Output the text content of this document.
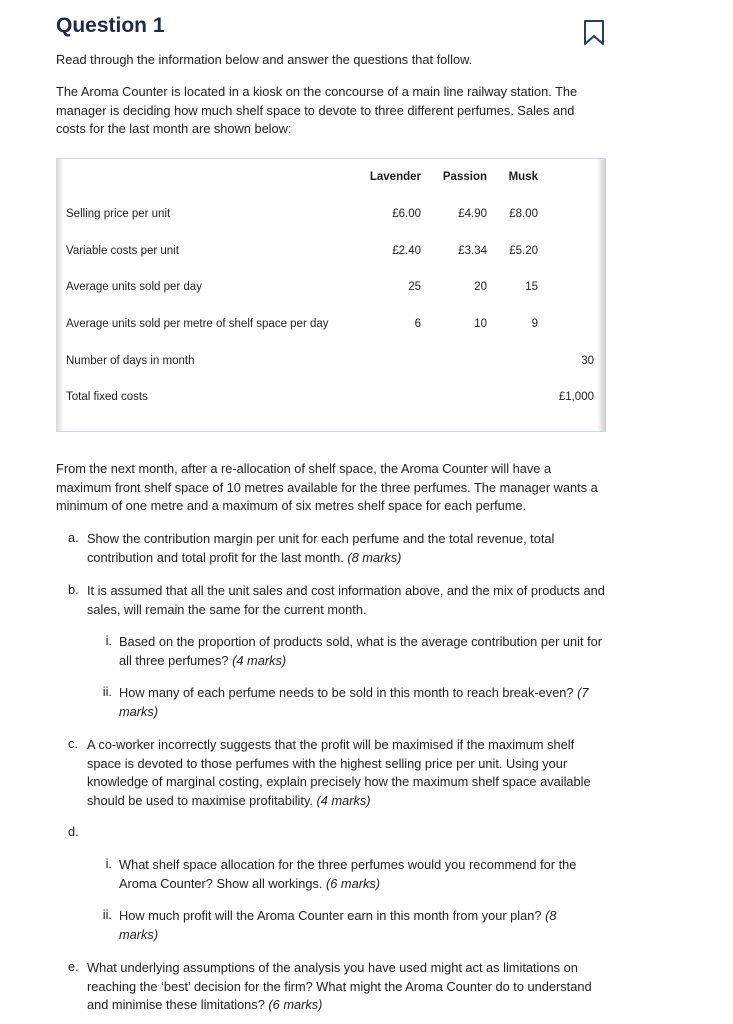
Question 1

Read through the information below and answer the questions that follow.

The Aroma Counter is located in a kiosk on the concourse of a main line railway station. The manager is deciding how much shelf space to devote to three different perfumes. Sales and costs for the last month are shown below:

Lavender	Passion	Musk
Selling price per unit	£6.00	£4.90	£8.00
Variable costs per unit	£2.40	£3.34	£5.20
Average units sold per day	25	20	15
Average units sold per metre of shelf space per day	6	10	9
Number of days in month	30
Total fixed costs	£1,000

From the next month, after a re-allocation of shelf space, the Aroma Counter will have a maximum front shelf space of 10 metres available for the three perfumes. The manager wants a minimum of one metre and a maximum of six metres shelf space for each perfume.

a. Show the contribution margin per unit for each perfume and the total revenue, total contribution and total profit for the last month. (8 marks)
b. It is assumed that all the unit sales and cost information above, and the mix of products and sales, will remain the same for the current month.
i. Based on the proportion of products sold, what is the average contribution per unit for all three perfumes? (4 marks)
ii. How many of each perfume needs to be sold in this month to reach break-even? (7 marks)
c. A co-worker incorrectly suggests that the profit will be maximised if the maximum shelf space is devoted to those perfumes with the highest selling price per unit. Using your knowledge of marginal costing, explain precisely how the maximum shelf space available should be used to maximise profitability. (4 marks)
d.
i. What shelf space allocation for the three perfumes would you recommend for the Aroma Counter? Show all workings. (6 marks)
ii. How much profit will the Aroma Counter earn in this month from your plan? (8 marks)
e. What underlying assumptions of the analysis you have used might act as limitations on reaching the ‘best’ decision for the firm? What might the Aroma Counter do to understand and minimise these limitations? (6 marks)
